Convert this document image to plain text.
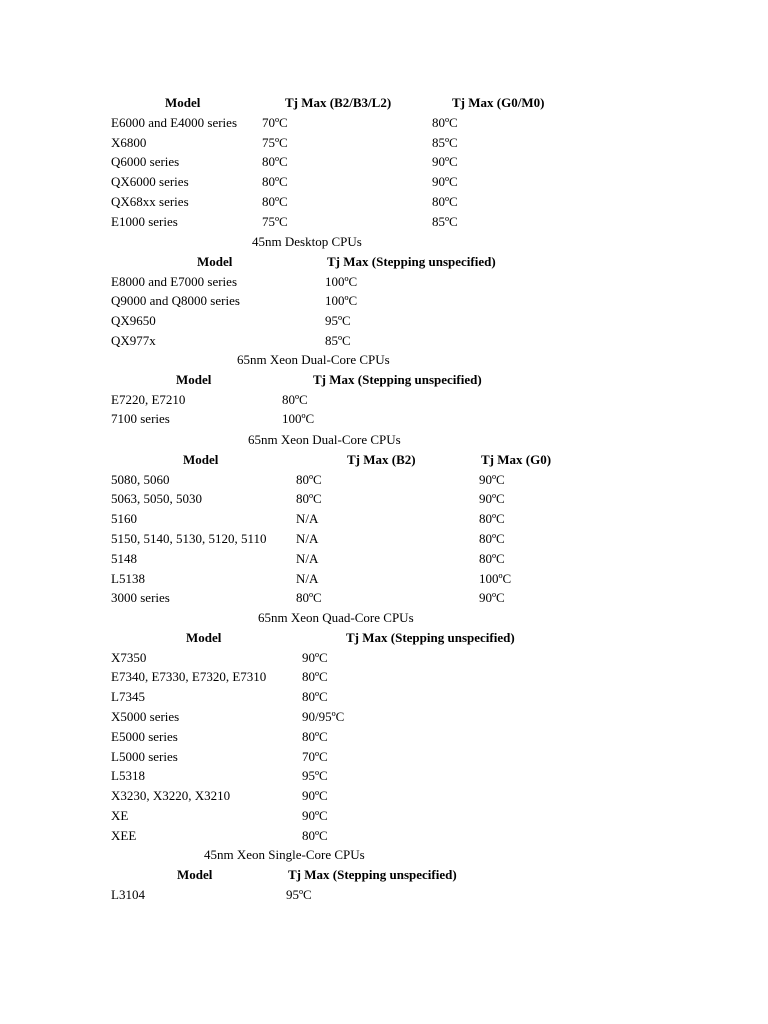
Model	Tj Max (B2/B3/L2)	Tj Max (G0/M0)
E6000 and E4000 series 70ºC	80ºC
X6800	75ºC	85ºC
Q6000 series	80ºC	90ºC
QX6000 series	80ºC	90ºC
QX68xx series	80ºC	80ºC
E1000 series	75ºC	85ºC
45nm Desktop CPUs
Model	Tj Max (Stepping unspecified)
E8000 and E7000 series	100ºC
Q9000 and Q8000 series	100ºC
QX9650	95ºC
QX977x	85ºC
65nm Xeon Dual-Core CPUs
Model	Tj Max (Stepping unspecified)
E7220, E7210	80ºC
7100 series	100ºC
65nm Xeon Dual-Core CPUs
Model	Tj Max (B2)	Tj Max (G0)
5080, 5060	80ºC	90ºC
5063, 5050, 5030	80ºC	90ºC
5160	N/A	80ºC
5150, 5140, 5130, 5120, 5110 N/A	80ºC
5148	N/A	80ºC
L5138	N/A	100ºC
3000 series	80ºC	90ºC
65nm Xeon Quad-Core CPUs
Model	Tj Max (Stepping unspecified)
X7350	90ºC
E7340, E7330, E7320, E7310	80ºC
L7345	80ºC
X5000 series	90/95ºC
E5000 series	80ºC
L5000 series	70ºC
L5318	95ºC
X3230, X3220, X3210	90ºC
XE	90ºC
XEE	80ºC
45nm Xeon Single-Core CPUs
Model	Tj Max (Stepping unspecified)
L3104	95ºC
